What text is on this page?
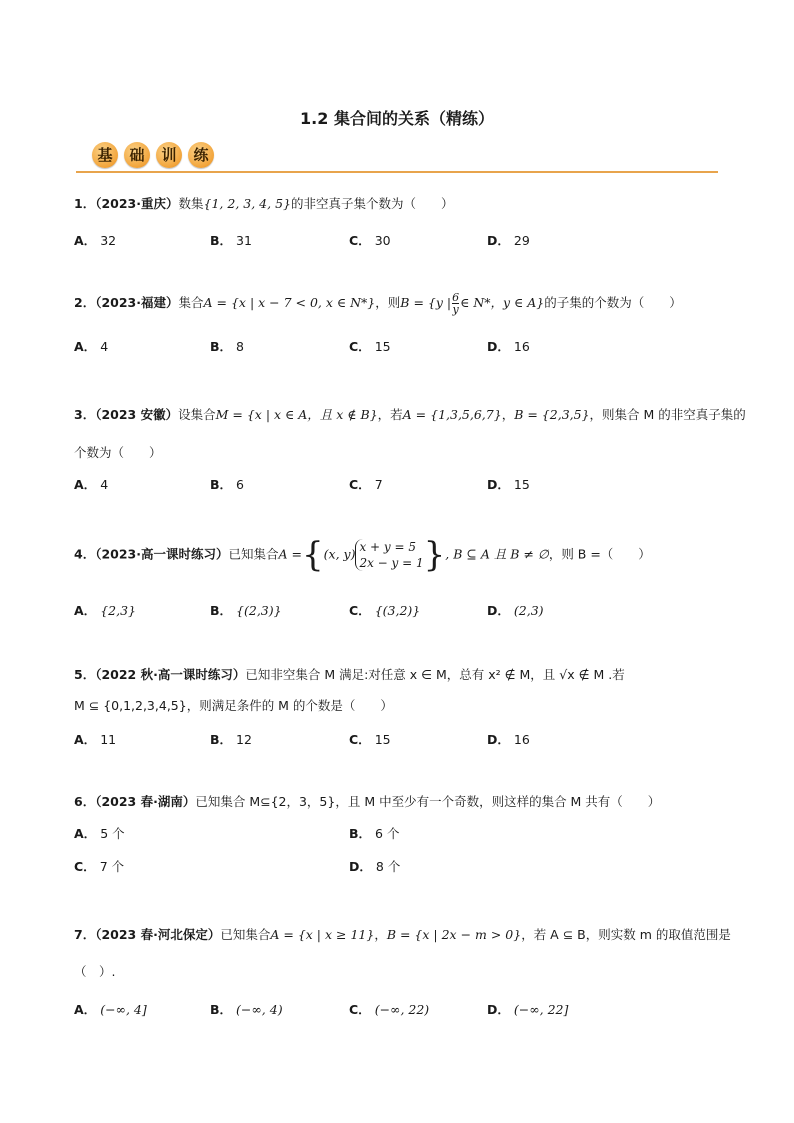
1.2 集合间的关系（精练）
基	础	训	练
1．（2023·重庆）数集{1, 2, 3, 4, 5}的非空真子集个数为（　　）
A． 32	B． 31	C． 30	D． 29
2．（2023·福建）集合A = {x | x − 7 < 0, x ∈ N*}，则B = {y | $\frac{6}{y}$ ∈ N*，y ∈ A}的子集的个数为（　　）
A． 4	B． 8	C． 15	D． 16
3．（2023 安徽）设集合M = {x | x ∈ A，且 x ∉ B}，若A = {1,3,5,6,7}，B = {2,3,5}，则集合 M 的非空真子集的
个数为（　　）
A． 4	B． 6	C． 7	D． 15
4．（2023·高一课时练习）已知集合A ={(x, y) x + y = 5
2x − y = 1 }, B ⊆ A 且 B ≠ ∅，则 B =（　　）
A． {2,3}	B． {(2,3)}	C． {(3,2)}	D． (2,3)
5．（2022 秋·高一课时练习）已知非空集合 M 满足:对任意 x ∈ M，总有 x² ∉ M，且 √x ∉ M .若
M ⊆ {0,1,2,3,4,5}，则满足条件的 M 的个数是（　　）
A． 11	B． 12	C． 15	D． 16
6．（2023 春·湖南）已知集合 M⊆{2，3，5}，且 M 中至少有一个奇数，则这样的集合 M 共有（　　）
A． 5 个	B． 6 个
C． 7 个	D． 8 个
7．（2023 春·河北保定）已知集合A = {x | x ≥ 11}，B = {x | 2x − m > 0}，若 A ⊆ B，则实数 m 的取值范围是
（　）.
A． (−∞, 4]	B． (−∞, 4)	C． (−∞, 22)	D． (−∞, 22]
